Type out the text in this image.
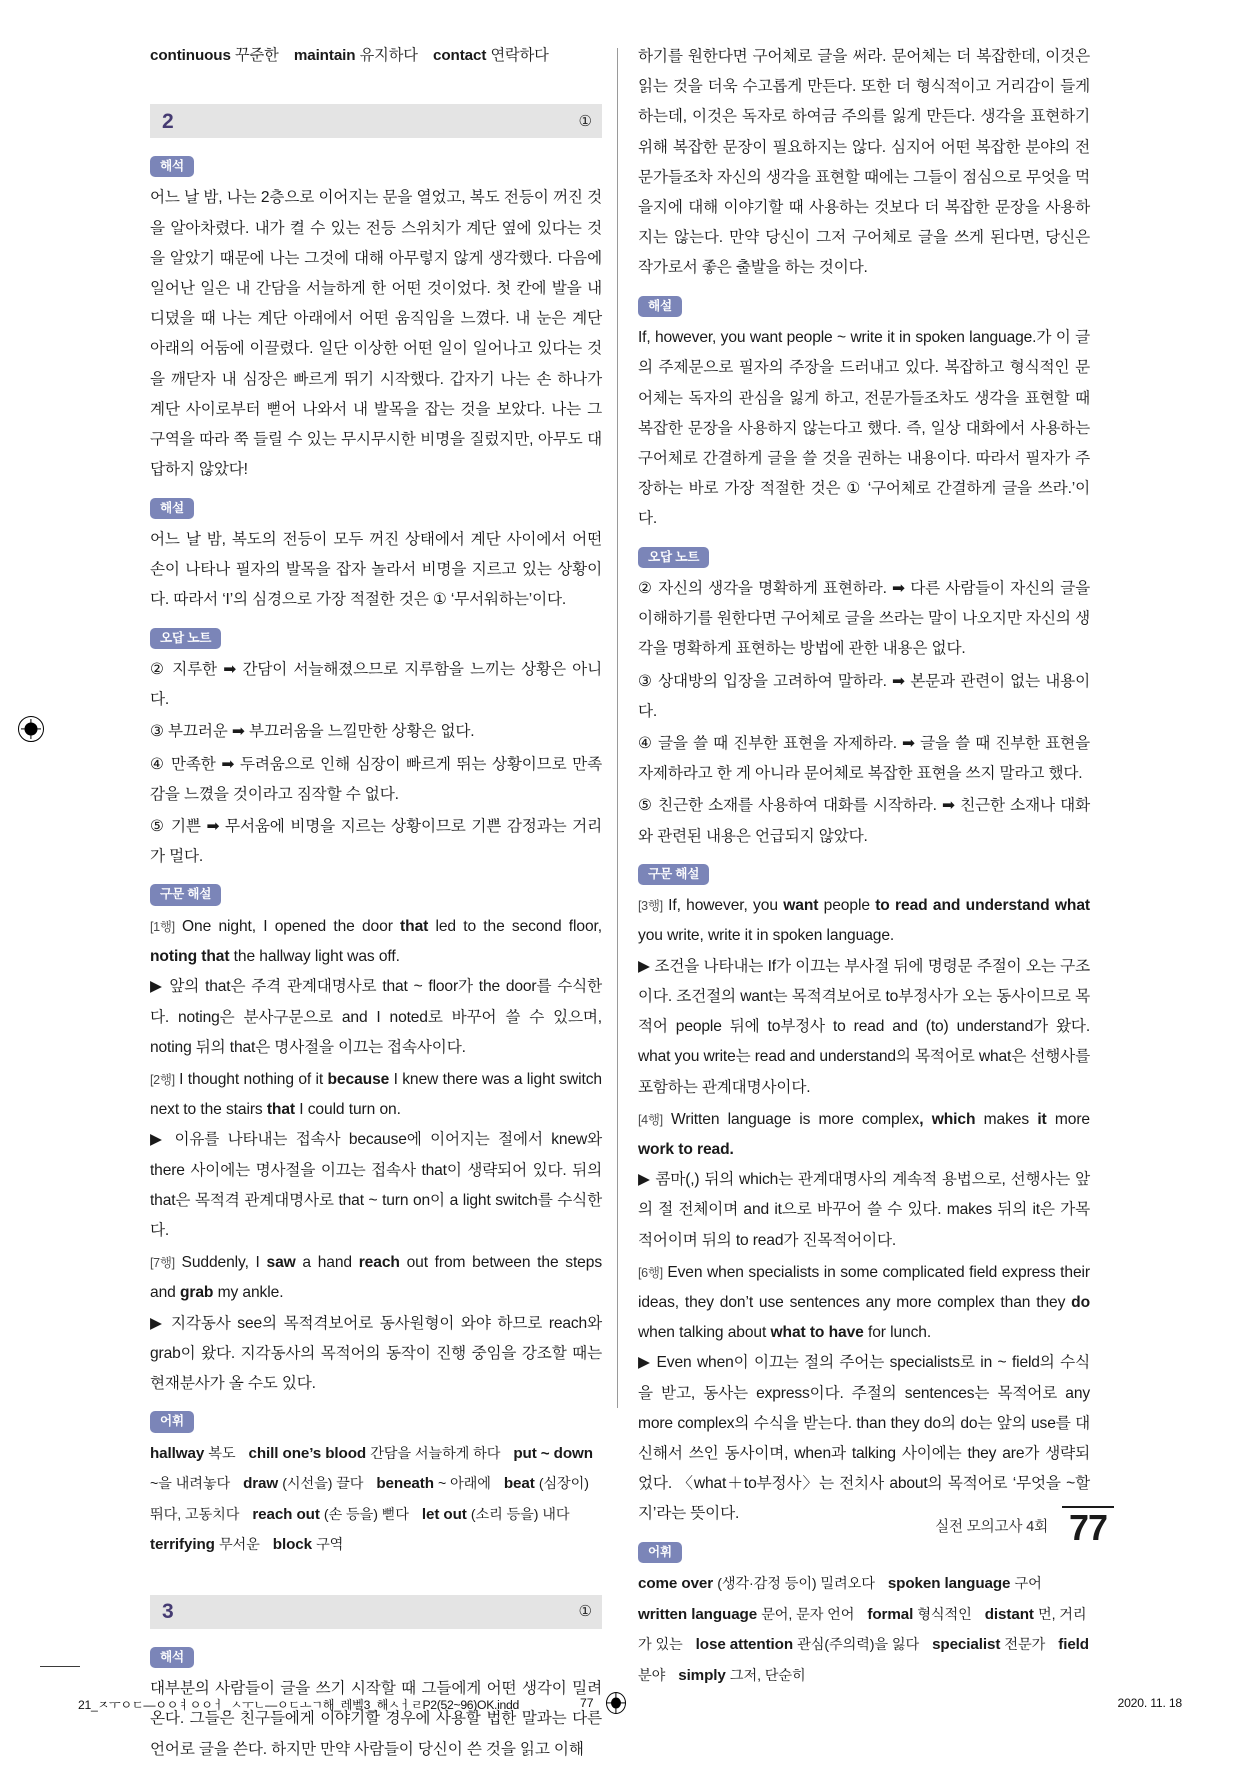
continuous 꾸준한 maintain 유지하다 contact 연락하다
2	①
해석

어느 날 밤, 나는 2층으로 이어지는 문을 열었고, 복도 전등이 꺼진 것을 알아차렸다. 내가 켤 수 있는 전등 스위치가 계단 옆에 있다는 것을 알았기 때문에 나는 그것에 대해 아무렇지 않게 생각했다. 다음에 일어난 일은 내 간담을 서늘하게 한 어떤 것이었다. 첫 칸에 발을 내디뎠을 때 나는 계단 아래에서 어떤 움직임을 느꼈다. 내 눈은 계단 아래의 어둠에 이끌렸다. 일단 이상한 어떤 일이 일어나고 있다는 것을 깨닫자 내 심장은 빠르게 뛰기 시작했다. 갑자기 나는 손 하나가 계단 사이로부터 뻗어 나와서 내 발목을 잡는 것을 보았다. 나는 그 구역을 따라 쭉 들릴 수 있는 무시무시한 비명을 질렀지만, 아무도 대답하지 않았다!

해설

어느 날 밤, 복도의 전등이 모두 꺼진 상태에서 계단 사이에서 어떤 손이 나타나 필자의 발목을 잡자 놀라서 비명을 지르고 있는 상황이다. 따라서 ‘I’의 심경으로 가장 적절한 것은 ① ‘무서워하는’이다.

오답 노트

② 지루한 ➡ 간담이 서늘해졌으므로 지루함을 느끼는 상황은 아니다.

③ 부끄러운 ➡ 부끄러움을 느낄만한 상황은 없다.

④ 만족한 ➡ 두려움으로 인해 심장이 빠르게 뛰는 상황이므로 만족감을 느꼈을 것이라고 짐작할 수 없다.

⑤ 기쁜 ➡ 무서움에 비명을 지르는 상황이므로 기쁜 감정과는 거리가 멀다.

구문 해설

[1행] One night, I opened the door that led to the second floor, noting that the hallway light was off.

▶ 앞의 that은 주격 관계대명사로 that ~ floor가 the door를 수식한다. noting은 분사구문으로 and I noted로 바꾸어 쓸 수 있으며, noting 뒤의 that은 명사절을 이끄는 접속사이다.

[2행] I thought nothing of it because I knew there was a light switch next to the stairs that I could turn on.

▶ 이유를 나타내는 접속사 because에 이어지는 절에서 knew와 there 사이에는 명사절을 이끄는 접속사 that이 생략되어 있다. 뒤의 that은 목적격 관계대명사로 that ~ turn on이 a light switch를 수식한다.

[7행] Suddenly, I saw a hand reach out from between the steps and grab my ankle.

▶ 지각동사 see의 목적격보어로 동사원형이 와야 하므로 reach와 grab이 왔다. 지각동사의 목적어의 동작이 진행 중임을 강조할 때는 현재분사가 올 수도 있다.

어휘
hallway 복도 chill one’s blood 간담을 서늘하게 하다 put ~ down ~을 내려놓다 draw (시선을) 끌다 beneath ~ 아래에 beat (심장이) 뛰다, 고동치다 reach out (손 등을) 뻗다 let out (소리 등을) 내다terrifying 무서운 block 구역
3	①
해석

대부분의 사람들이 글을 쓰기 시작할 때 그들에게 어떤 생각이 밀려온다. 그들은 친구들에게 이야기할 경우에 사용할 법한 말과는 다른 언어로 글을 쓴다. 하지만 만약 사람들이 당신이 쓴 것을 읽고 이해

하기를 원한다면 구어체로 글을 써라. 문어체는 더 복잡한데, 이것은 읽는 것을 더욱 수고롭게 만든다. 또한 더 형식적이고 거리감이 들게 하는데, 이것은 독자로 하여금 주의를 잃게 만든다. 생각을 표현하기 위해 복잡한 문장이 필요하지는 않다. 심지어 어떤 복잡한 분야의 전문가들조차 자신의 생각을 표현할 때에는 그들이 점심으로 무엇을 먹을지에 대해 이야기할 때 사용하는 것보다 더 복잡한 문장을 사용하지는 않는다. 만약 당신이 그저 구어체로 글을 쓰게 된다면, 당신은 작가로서 좋은 출발을 하는 것이다.

해설

If, however, you want people ~ write it in spoken language.가 이 글의 주제문으로 필자의 주장을 드러내고 있다. 복잡하고 형식적인 문어체는 독자의 관심을 잃게 하고, 전문가들조차도 생각을 표현할 때 복잡한 문장을 사용하지 않는다고 했다. 즉, 일상 대화에서 사용하는 구어체로 간결하게 글을 쓸 것을 권하는 내용이다. 따라서 필자가 주장하는 바로 가장 적절한 것은 ① ‘구어체로 간결하게 글을 쓰라.’이다.

오답 노트

② 자신의 생각을 명확하게 표현하라. ➡ 다른 사람들이 자신의 글을 이해하기를 원한다면 구어체로 글을 쓰라는 말이 나오지만 자신의 생각을 명확하게 표현하는 방법에 관한 내용은 없다.

③ 상대방의 입장을 고려하여 말하라. ➡ 본문과 관련이 없는 내용이다.

④ 글을 쓸 때 진부한 표현을 자제하라. ➡ 글을 쓸 때 진부한 표현을 자제하라고 한 게 아니라 문어체로 복잡한 표현을 쓰지 말라고 했다.

⑤ 친근한 소재를 사용하여 대화를 시작하라. ➡ 친근한 소재나 대화와 관련된 내용은 언급되지 않았다.

구문 해설

[3행] If, however, you want people to read and understand what you write, write it in spoken language.

▶ 조건을 나타내는 If가 이끄는 부사절 뒤에 명령문 주절이 오는 구조이다. 조건절의 want는 목적격보어로 to부정사가 오는 동사이므로 목적어 people 뒤에 to부정사 to read and (to) understand가 왔다. what you write는 read and understand의 목적어로 what은 선행사를 포함하는 관계대명사이다.

[4행] Written language is more complex, which makes it more work to read.

▶ 콤마(,) 뒤의 which는 관계대명사의 계속적 용법으로, 선행사는 앞의 절 전체이며 and it으로 바꾸어 쓸 수 있다. makes 뒤의 it은 가목적어이며 뒤의 to read가 진목적어이다.

[6행] Even when specialists in some complicated field express their ideas, they don’t use sentences any more complex than they do when talking about what to have for lunch.

▶ Even when이 이끄는 절의 주어는 specialists로 in ~ field의 수식을 받고, 동사는 express이다. 주절의 sentences는 목적어로 any more complex의 수식을 받는다. than they do의 do는 앞의 use를 대신해서 쓰인 동사이며, when과 talking 사이에는 they are가 생략되었다. 〈what＋to부정사〉는 전치사 about의 목적어로 ‘무엇을 ~할지’라는 뜻이다.

어휘
come over (생각·감정 등이) 밀려오다 spoken language 구어written language 문어, 문자 언어 formal 형식적인 distant 먼, 거리가 있는 lose attention 관심(주의력)을 잃다 specialist 전문가 field 분야 simply 그저, 단순히
실전 모의고사 4회 77
21_ㅈㅜㅇㄷ—ㅇㅇㅕㅇㅇㅓ_ㅅㅜㄴ—ㅇㄷㅗㄱ해_레벨3_해ㅅㅓㄹP2(52~96)OK.indd	77	2020. 11. 18
